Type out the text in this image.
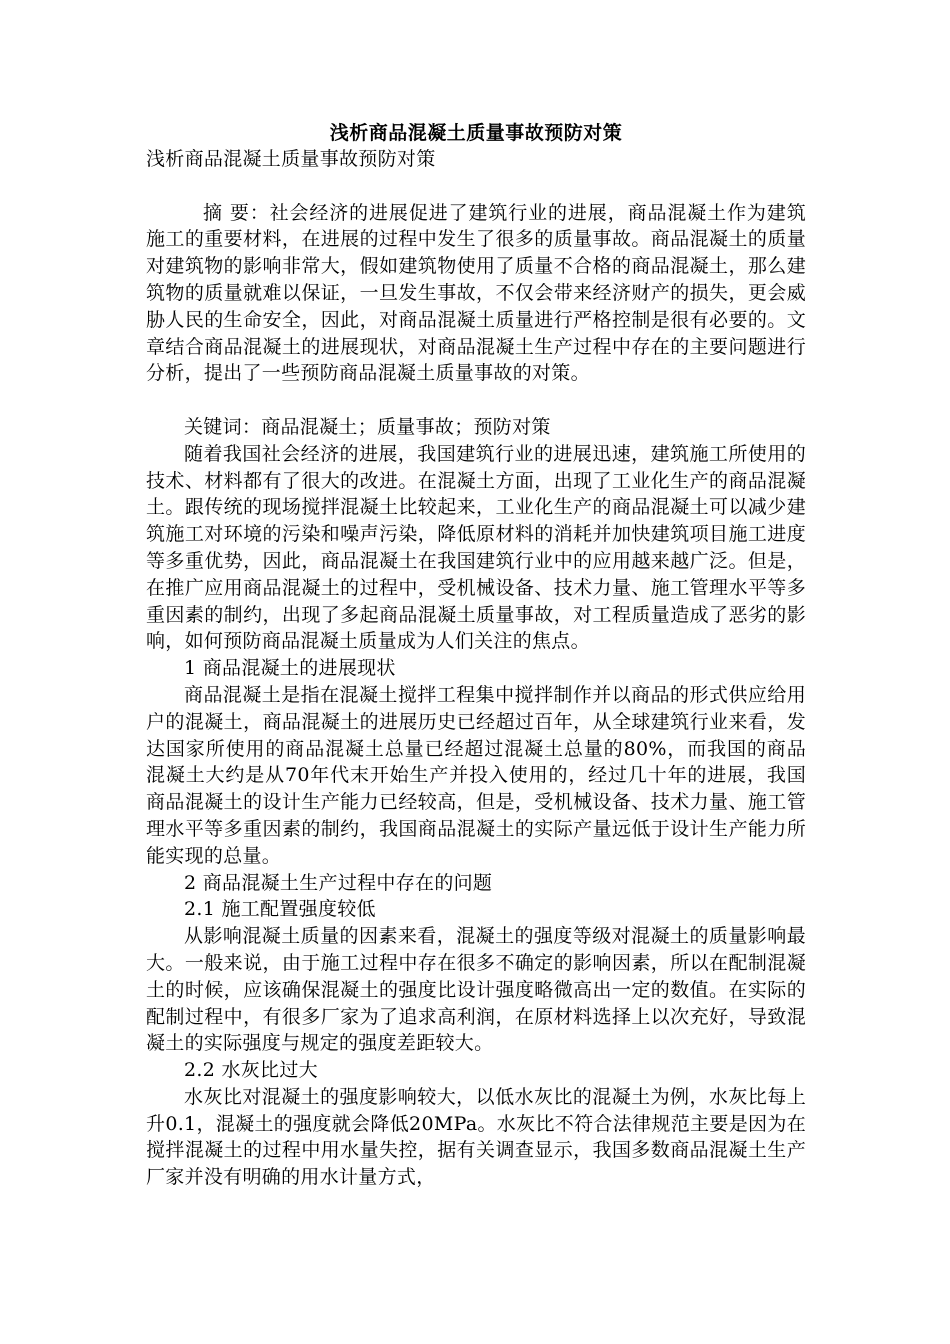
浅析商品混凝土质量事故预防对策

浅析商品混凝土质量事故预防对策

摘 要：社会经济的进展促进了建筑行业的进展，商品混凝土作为建筑施工的重要材料，在进展的过程中发生了很多的质量事故。商品混凝土的质量对建筑物的影响非常大，假如建筑物使用了质量不合格的商品混凝土，那么建筑物的质量就难以保证，一旦发生事故，不仅会带来经济财产的损失，更会威胁人民的生命安全，因此，对商品混凝土质量进行严格控制是很有必要的。文章结合商品混凝土的进展现状，对商品混凝土生产过程中存在的主要问题进行分析，提出了一些预防商品混凝土质量事故的对策。

关键词：商品混凝土；质量事故；预防对策

随着我国社会经济的进展，我国建筑行业的进展迅速，建筑施工所使用的技术、材料都有了很大的改进。在混凝土方面，出现了工业化生产的商品混凝土。跟传统的现场搅拌混凝土比较起来，工业化生产的商品混凝土可以减少建筑施工对环境的污染和噪声污染，降低原材料的消耗并加快建筑项目施工进度等多重优势，因此，商品混凝土在我国建筑行业中的应用越来越广泛。但是，在推广应用商品混凝土的过程中，受机械设备、技术力量、施工管理水平等多重因素的制约，出现了多起商品混凝土质量事故，对工程质量造成了恶劣的影响，如何预防商品混凝土质量成为人们关注的焦点。

1 商品混凝土的进展现状

商品混凝土是指在混凝土搅拌工程集中搅拌制作并以商品的形式供应给用户的混凝土，商品混凝土的进展历史已经超过百年，从全球建筑行业来看，发达国家所使用的商品混凝土总量已经超过混凝土总量的80%，而我国的商品混凝土大约是从70年代末开始生产并投入使用的，经过几十年的进展，我国商品混凝土的设计生产能力已经较高，但是，受机械设备、技术力量、施工管理水平等多重因素的制约，我国商品混凝土的实际产量远低于设计生产能力所能实现的总量。

2 商品混凝土生产过程中存在的问题

2.1 施工配置强度较低

从影响混凝土质量的因素来看，混凝土的强度等级对混凝土的质量影响最大。一般来说，由于施工过程中存在很多不确定的影响因素，所以在配制混凝土的时候，应该确保混凝土的强度比设计强度略微高出一定的数值。在实际的配制过程中，有很多厂家为了追求高利润，在原材料选择上以次充好，导致混凝土的实际强度与规定的强度差距较大。

2.2 水灰比过大

水灰比对混凝土的强度影响较大，以低水灰比的混凝土为例，水灰比每上升0.1，混凝土的强度就会降低20MPa。水灰比不符合法律规范主要是因为在搅拌混凝土的过程中用水量失控，据有关调查显示，我国多数商品混凝土生产厂家并没有明确的用水计量方式，
